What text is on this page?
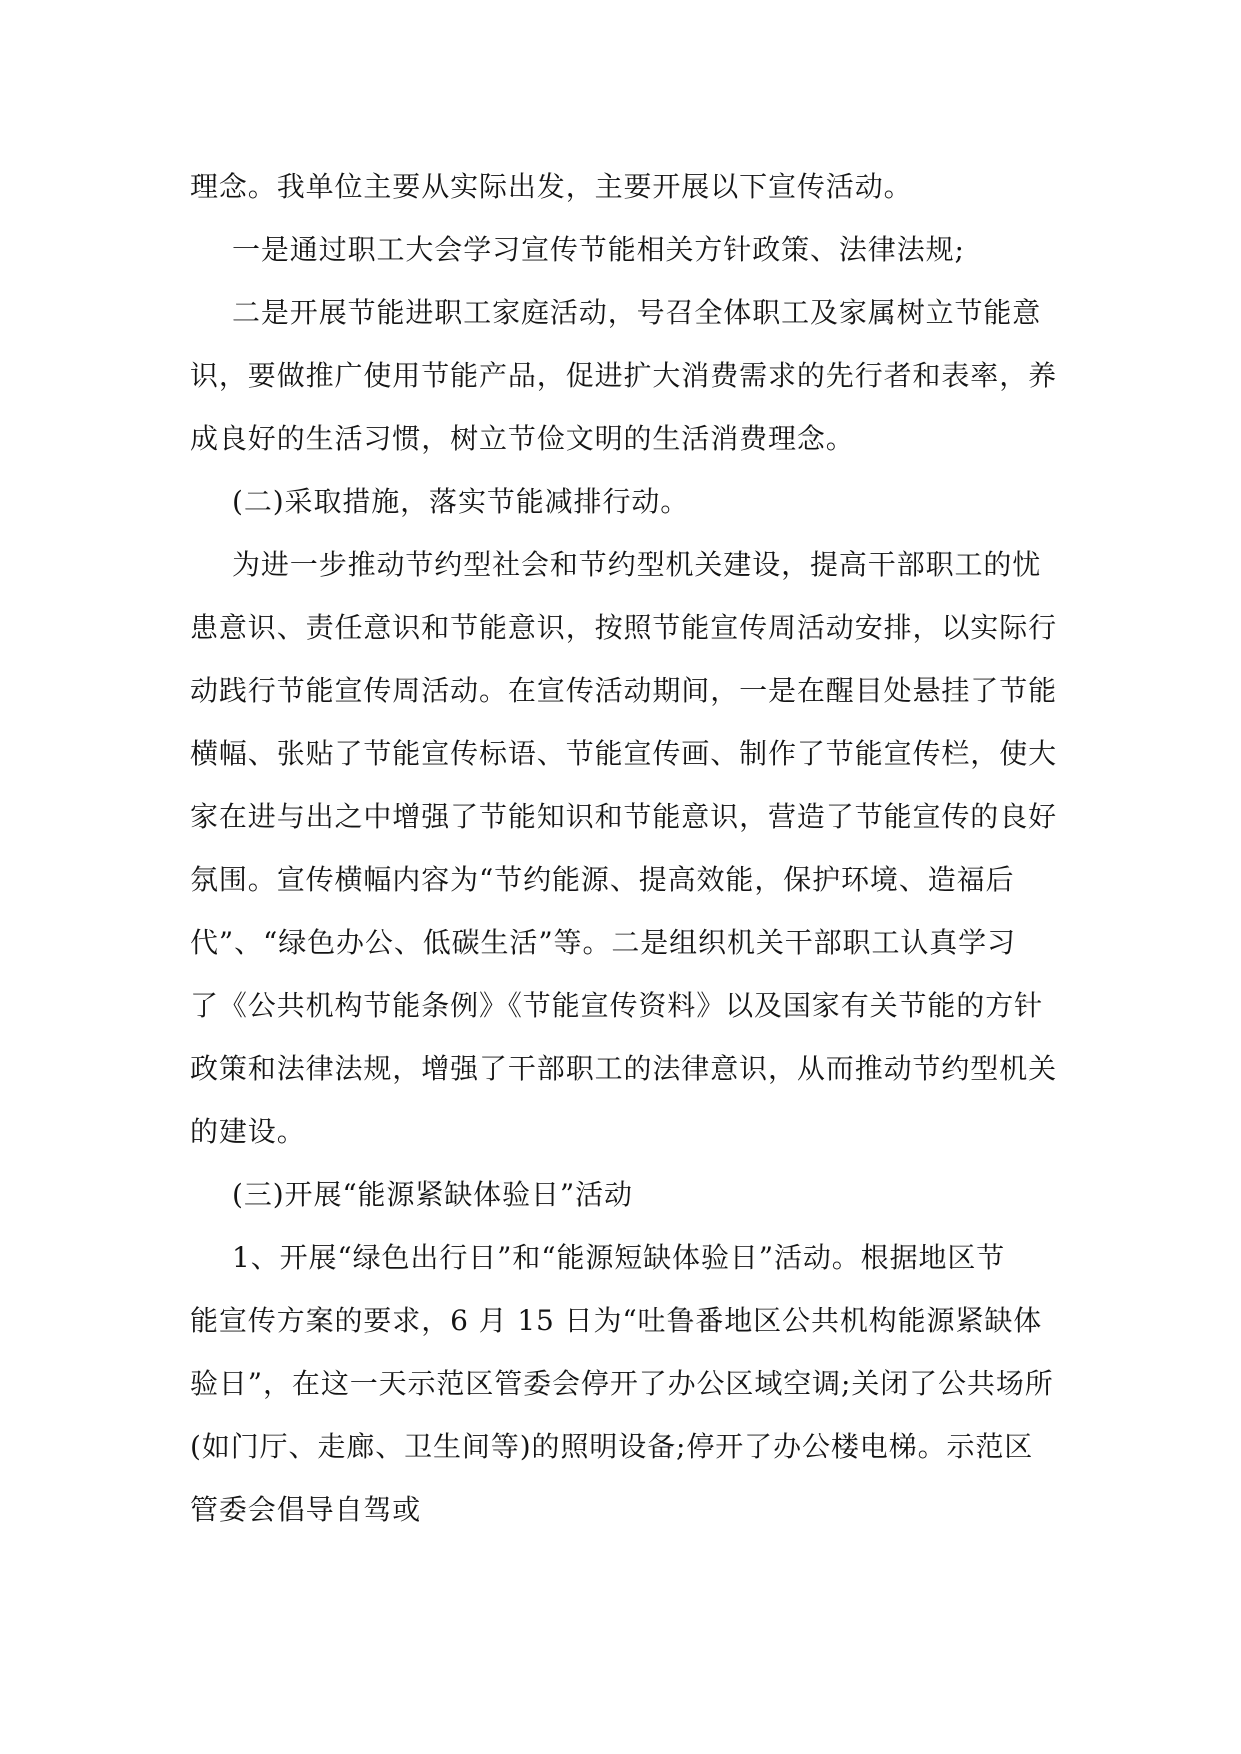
理念。我单位主要从实际出发，主要开展以下宣传活动。

一是通过职工大会学习宣传节能相关方针政策、法律法规;

二是开展节能进职工家庭活动，号召全体职工及家属树立节能意

识，要做推广使用节能产品，促进扩大消费需求的先行者和表率，养

成良好的生活习惯，树立节俭文明的生活消费理念。

(二)采取措施，落实节能减排行动。

为进一步推动节约型社会和节约型机关建设，提高干部职工的忧

患意识、责任意识和节能意识，按照节能宣传周活动安排，以实际行

动践行节能宣传周活动。在宣传活动期间，一是在醒目处悬挂了节能

横幅、张贴了节能宣传标语、节能宣传画、制作了节能宣传栏，使大

家在进与出之中增强了节能知识和节能意识，营造了节能宣传的良好

氛围。宣传横幅内容为“节约能源、提高效能，保护环境、造福后

代”、“绿色办公、低碳生活”等。二是组织机关干部职工认真学习

了《公共机构节能条例》《节能宣传资料》以及国家有关节能的方针

政策和法律法规，增强了干部职工的法律意识，从而推动节约型机关

的建设。

(三)开展“能源紧缺体验日”活动

1、开展“绿色出行日”和“能源短缺体验日”活动。根据地区节

能宣传方案的要求，6 月 15 日为“吐鲁番地区公共机构能源紧缺体

验日”，在这一天示范区管委会停开了办公区域空调;关闭了公共场所

(如门厅、走廊、卫生间等)的照明设备;停开了办公楼电梯。示范区

管委会倡导自驾或
